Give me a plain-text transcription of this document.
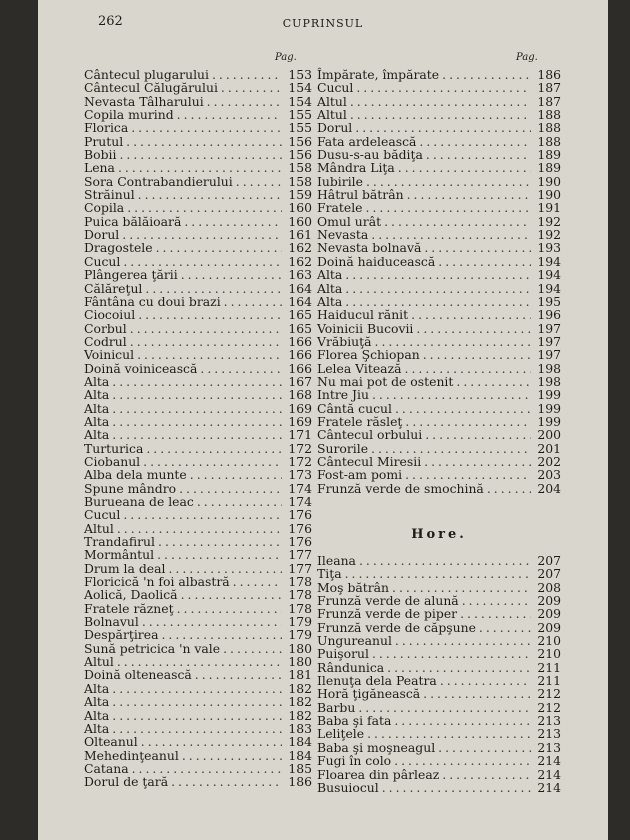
262	CUPRINSUL
Pag.	Pag.
Cântecul plugarului .....	153
Cântecul Călugărului .....	154
Nevasta Tâlharului .....	154
Copila murind .....	155
Florica .....	155
Prutul .....	156
Bobii .....	156
Lena .....	158
Sora Contrabandierului .....	158
Străinul .....	159
Copila .....	160
Puica bălăioară .....	160
Dorul .....	161
Dragostele .....	162
Cucul .....	162
Plângerea ţării .....	163
Călăreţul .....	164
Fântâna cu doui brazi .....	164
Ciocoiul .....	165
Corbul .....	165
Codrul .....	166
Voinicul .....	166
Doină voinicească .....	166
Alta .....	167
Alta .....	168
Alta .....	169
Alta .....	169
Alta .....	171
Turturica .....	172
Ciobanul .....	172
Alba dela munte .....	173
Spune mândro .....	174
Burueana de leac .....	174
Cucul .....	176
Altul .....	176
Trandafirul .....	176
Mormântul .....	177
Drum la deal .....	177
Floricică 'n foi albastră .....	178
Aolică, Daolică .....	178
Fratele răzneţ .....	178
Bolnavul .....	179
Despărţirea .....	179
Sună petricica 'n vale .....	180
Altul .....	180
Doină oltenească .....	181
Alta .....	182
Alta .....	182
Alta .....	182
Alta .....	183
Olteanul .....	184
Mehedinţeanul .....	184
Catana .....	185
Dorul de ţară .....	186
Împărate, împărate .....	186
Cucul .....	187
Altul .....	187
Altul .....	188
Dorul .....	188
Fata ardelească .....	188
Dusu-s-au bădiţa .....	189
Mândra Liţa .....	189
Iubirile .....	190
Hâtrul bătrân .....	190
Fratele .....	191
Omul urât .....	192
Nevasta .....	192
Nevasta bolnavă .....	193
Doină haiducească .....	194
Alta .....	194
Alta .....	194
Alta .....	195
Haiducul rănit .....	196
Voinicii Bucovii .....	197
Vrăbiuţă .....	197
Florea Şchiopan .....	197
Lelea Vitează .....	198
Nu mai pot de ostenit .....	198
Intre Jiu .....	199
Cântă cucul .....	199
Fratele răsleţ .....	199
Cântecul orbului .....	200
Surorile .....	201
Cântecul Miresii .....	202
Fost-am pomi .....	203
Frunză verde de smochină .....	204
Hore.
Ileana .....	207
Tiţa .....	207
Moş bătrân .....	208
Frunză verde de alună .....	209
Frunză verde de piper .....	209
Frunză verde de căpşune .....	209
Ungureanul .....	210
Puişorul .....	210
Rândunica .....	211
Ilenuţa dela Peatra .....	211
Horă ţigănească .....	212
Barbu .....	212
Baba şi fata .....	213
Leliţele .....	213
Baba şi moşneagul .....	213
Fugi în colo .....	214
Floarea din pârleaz .....	214
Busuiocul .....	214
